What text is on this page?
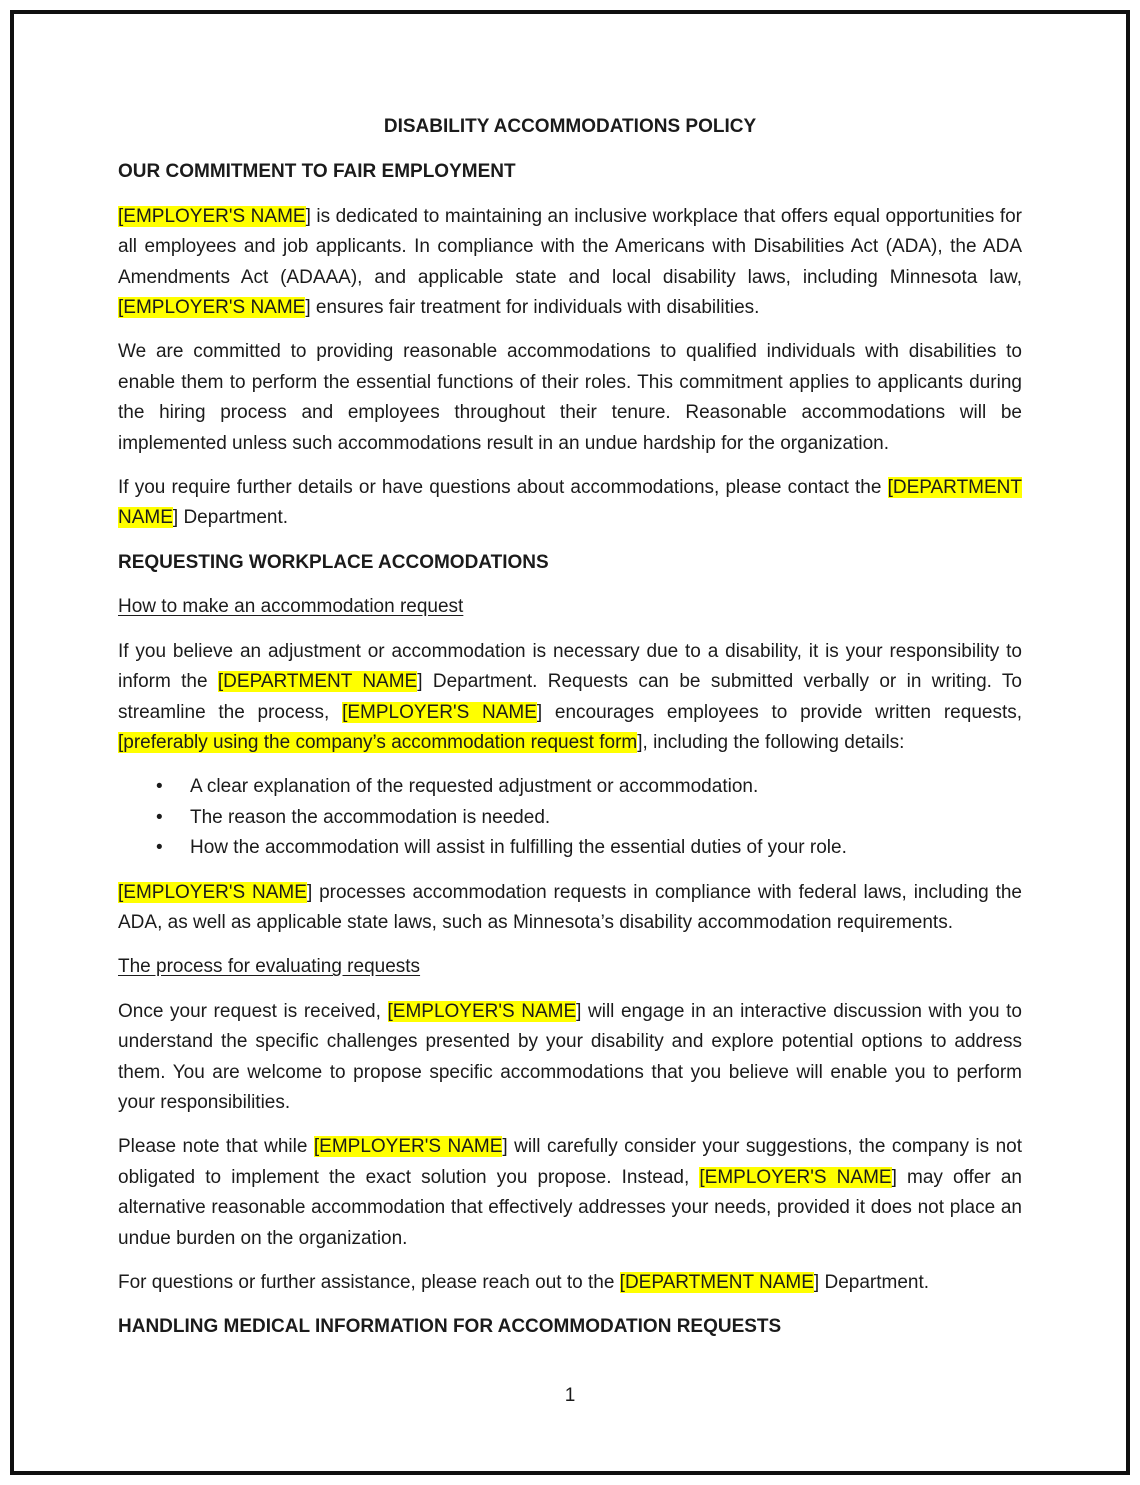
DISABILITY ACCOMMODATIONS POLICY
OUR COMMITMENT TO FAIR EMPLOYMENT

[EMPLOYER'S NAME] is dedicated to maintaining an inclusive workplace that offers equal opportunities for all employees and job applicants. In compliance with the Americans with Disabilities Act (ADA), the ADA Amendments Act (ADAAA), and applicable state and local disability laws, including Minnesota law, [EMPLOYER'S NAME] ensures fair treatment for individuals with disabilities.

We are committed to providing reasonable accommodations to qualified individuals with disabilities to enable them to perform the essential functions of their roles. This commitment applies to applicants during the hiring process and employees throughout their tenure. Reasonable accommodations will be implemented unless such accommodations result in an undue hardship for the organization.

If you require further details or have questions about accommodations, please contact the [DEPARTMENT NAME] Department.

REQUESTING WORKPLACE ACCOMODATIONS
How to make an accommodation request

If you believe an adjustment or accommodation is necessary due to a disability, it is your responsibility to inform the [DEPARTMENT NAME] Department. Requests can be submitted verbally or in writing. To streamline the process, [EMPLOYER'S NAME] encourages employees to provide written requests, [preferably using the company’s accommodation request form], including the following details:

• A clear explanation of the requested adjustment or accommodation.
• The reason the accommodation is needed.
• How the accommodation will assist in fulfilling the essential duties of your role.

[EMPLOYER'S NAME] processes accommodation requests in compliance with federal laws, including the ADA, as well as applicable state laws, such as Minnesota’s disability accommodation requirements.

The process for evaluating requests

Once your request is received, [EMPLOYER'S NAME] will engage in an interactive discussion with you to understand the specific challenges presented by your disability and explore potential options to address them. You are welcome to propose specific accommodations that you believe will enable you to perform your responsibilities.

Please note that while [EMPLOYER'S NAME] will carefully consider your suggestions, the company is not obligated to implement the exact solution you propose. Instead, [EMPLOYER'S NAME] may offer an alternative reasonable accommodation that effectively addresses your needs, provided it does not place an undue burden on the organization.

For questions or further assistance, please reach out to the [DEPARTMENT NAME] Department.

HANDLING MEDICAL INFORMATION FOR ACCOMMODATION REQUESTS
1
